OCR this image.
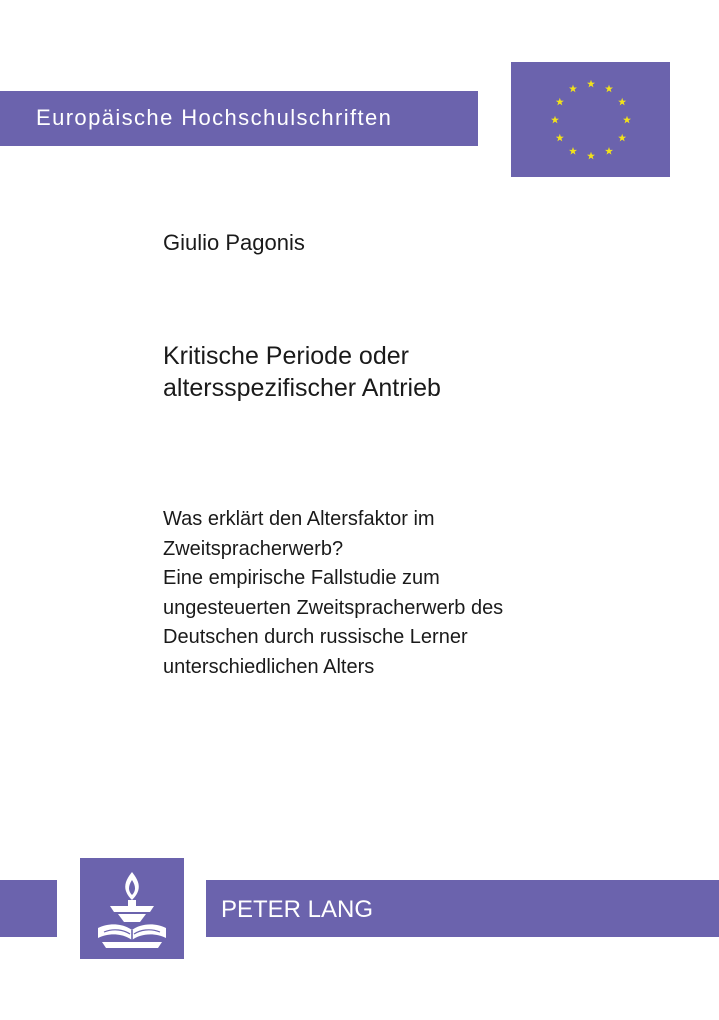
Europäische Hochschulschriften
Giulio Pagonis
Kritische Periode oder
altersspezifischer Antrieb
Was erklärt den Altersfaktor im
Zweitspracherwerb?
Eine empirische Fallstudie zum
ungesteuerten Zweitspracherwerb des
Deutschen durch russische Lerner
unterschiedlichen Alters
PETER LANG
